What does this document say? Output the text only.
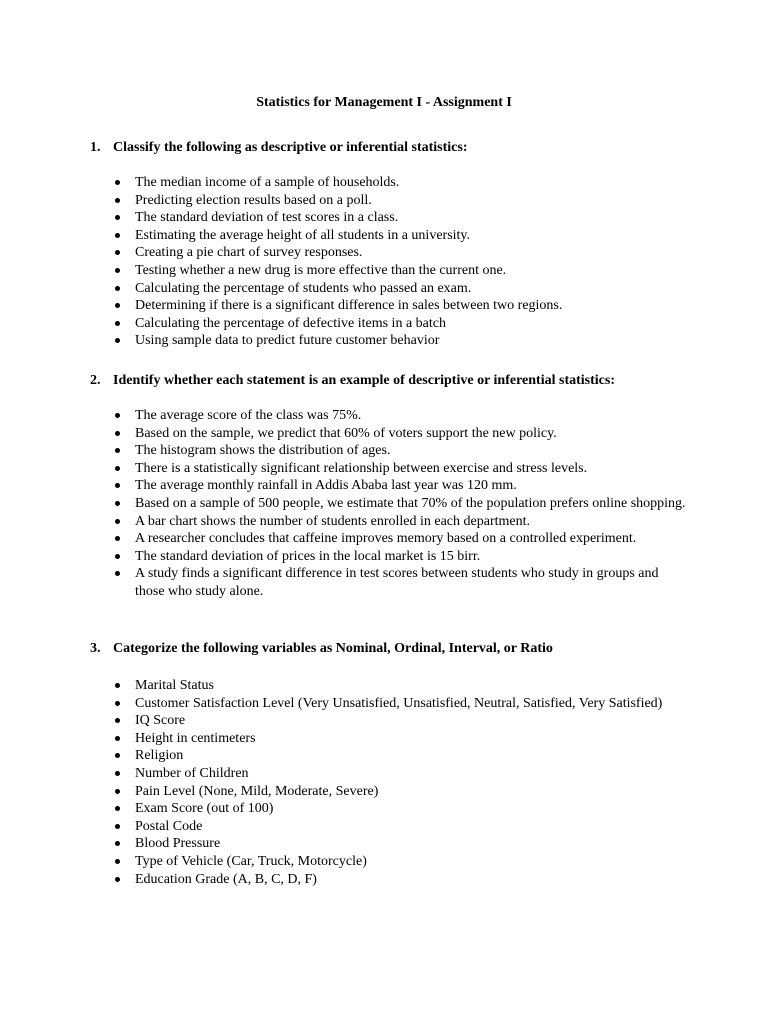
Statistics for Management I - Assignment I
1. Classify the following as descriptive or inferential statistics:
The median income of a sample of households.
Predicting election results based on a poll.
The standard deviation of test scores in a class.
Estimating the average height of all students in a university.
Creating a pie chart of survey responses.
Testing whether a new drug is more effective than the current one.
Calculating the percentage of students who passed an exam.
Determining if there is a significant difference in sales between two regions.
Calculating the percentage of defective items in a batch
Using sample data to predict future customer behavior
2. Identify whether each statement is an example of descriptive or inferential statistics:
The average score of the class was 75%.
Based on the sample, we predict that 60% of voters support the new policy.
The histogram shows the distribution of ages.
There is a statistically significant relationship between exercise and stress levels.
The average monthly rainfall in Addis Ababa last year was 120 mm.
Based on a sample of 500 people, we estimate that 70% of the population prefers online shopping.
A bar chart shows the number of students enrolled in each department.
A researcher concludes that caffeine improves memory based on a controlled experiment.
The standard deviation of prices in the local market is 15 birr.
A study finds a significant difference in test scores between students who study in groups and those who study alone.
3. Categorize the following variables as Nominal, Ordinal, Interval, or Ratio
Marital Status
Customer Satisfaction Level (Very Unsatisfied, Unsatisfied, Neutral, Satisfied, Very Satisfied)
IQ Score
Height in centimeters
Religion
Number of Children
Pain Level (None, Mild, Moderate, Severe)
Exam Score (out of 100)
Postal Code
Blood Pressure
Type of Vehicle (Car, Truck, Motorcycle)
Education Grade (A, B, C, D, F)
